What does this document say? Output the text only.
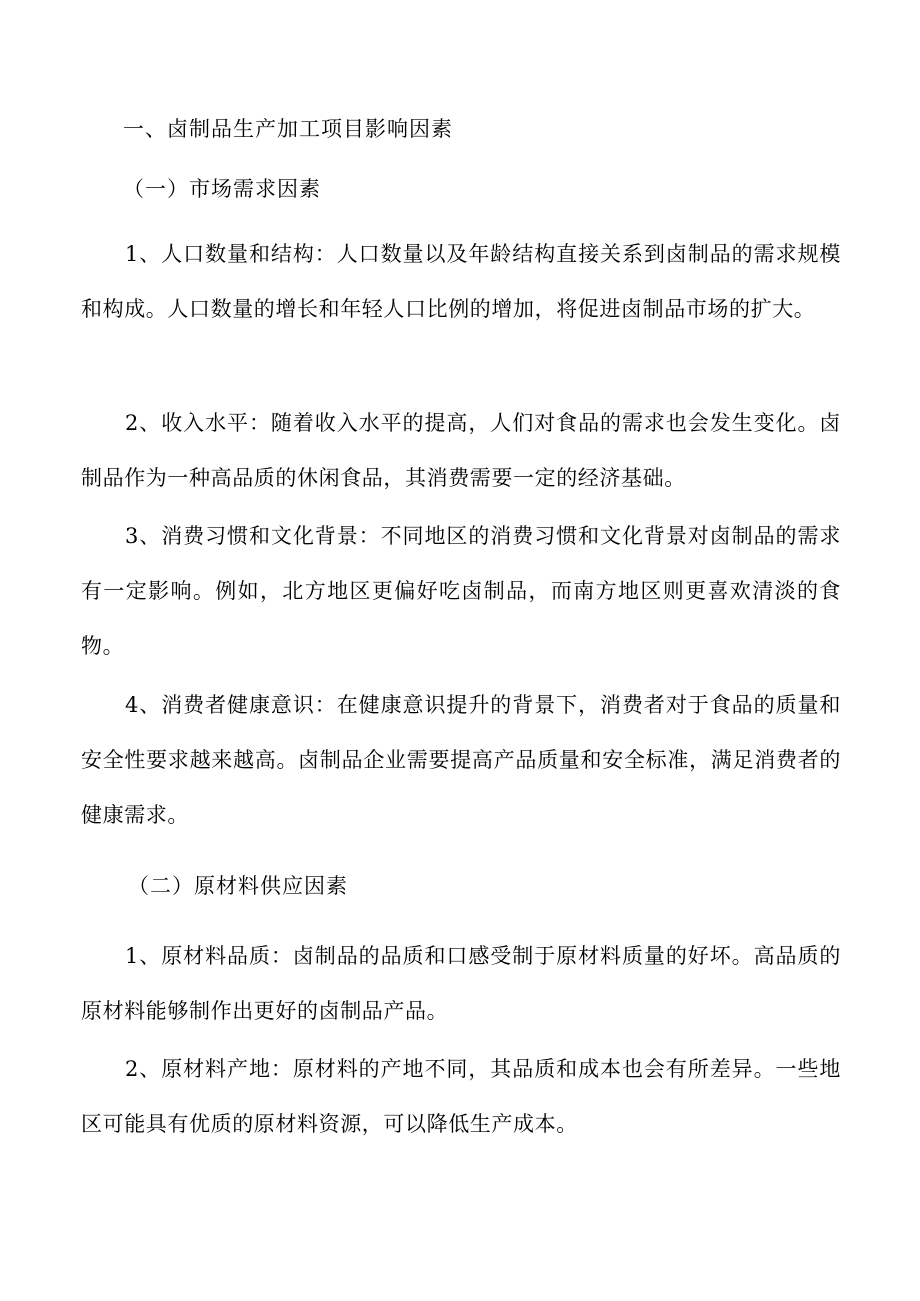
一、卤制品生产加工项目影响因素
（一）市场需求因素

1、人口数量和结构：人口数量以及年龄结构直接关系到卤制品的需求规模和构成。人口数量的增长和年轻人口比例的增加，将促进卤制品市场的扩大。

2、收入水平：随着收入水平的提高，人们对食品的需求也会发生变化。卤制品作为一种高品质的休闲食品，其消费需要一定的经济基础。

3、消费习惯和文化背景：不同地区的消费习惯和文化背景对卤制品的需求有一定影响。例如，北方地区更偏好吃卤制品，而南方地区则更喜欢清淡的食物。

4、消费者健康意识：在健康意识提升的背景下，消费者对于食品的质量和安全性要求越来越高。卤制品企业需要提高产品质量和安全标准，满足消费者的健康需求。

（二）原材料供应因素

1、原材料品质：卤制品的品质和口感受制于原材料质量的好坏。高品质的原材料能够制作出更好的卤制品产品。

2、原材料产地：原材料的产地不同，其品质和成本也会有所差异。一些地区可能具有优质的原材料资源，可以降低生产成本。
